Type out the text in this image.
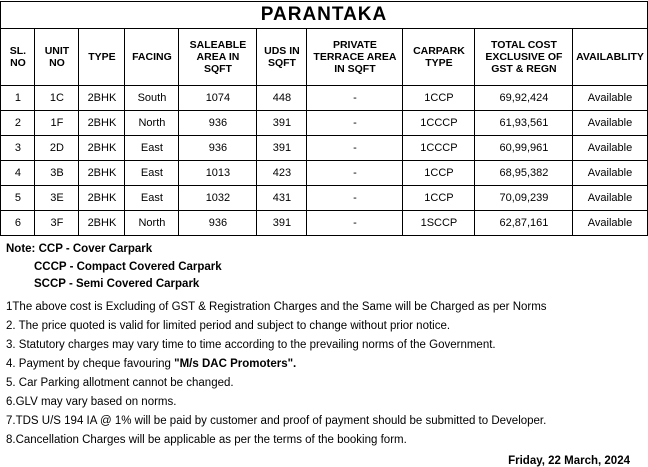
PARANTAKA									
SL. NO	UNIT NO	TYPE	FACING	SALEABLE AREA IN SQFT	UDS IN SQFT	PRIVATE TERRACE AREA IN SQFT	CARPARK TYPE	TOTAL COST EXCLUSIVE OF GST & REGN	AVAILABLITY
1	1C	2BHK	South	1074	448	-	1CCP	69,92,424	Available
2	1F	2BHK	North	936	391	-	1CCCP	61,93,561	Available
3	2D	2BHK	East	936	391	-	1CCCP	60,99,961	Available
4	3B	2BHK	East	1013	423	-	1CCP	68,95,382	Available
5	3E	2BHK	East	1032	431	-	1CCP	70,09,239	Available
6	3F	2BHK	North	936	391	-	1SCCP	62,87,161	Available
Note: CCP - Cover Carpark
CCCP - Compact Covered Carpark
SCCP - Semi Covered Carpark
1The above cost is Excluding of GST & Registration Charges and the Same will be Charged as per Norms
2. The price quoted is valid for limited period and subject to change without prior notice.
3. Statutory charges may vary time to time according to the prevailing norms of the Government.
4. Payment by cheque favouring "M/s DAC Promoters".
5. Car Parking allotment cannot be changed.
6.GLV may vary based on norms.
7.TDS U/S 194 IA @ 1% will be paid by customer and proof of payment should be submitted to Developer.
8.Cancellation Charges will be applicable as per the terms of the booking form.
Friday, 22 March, 2024
